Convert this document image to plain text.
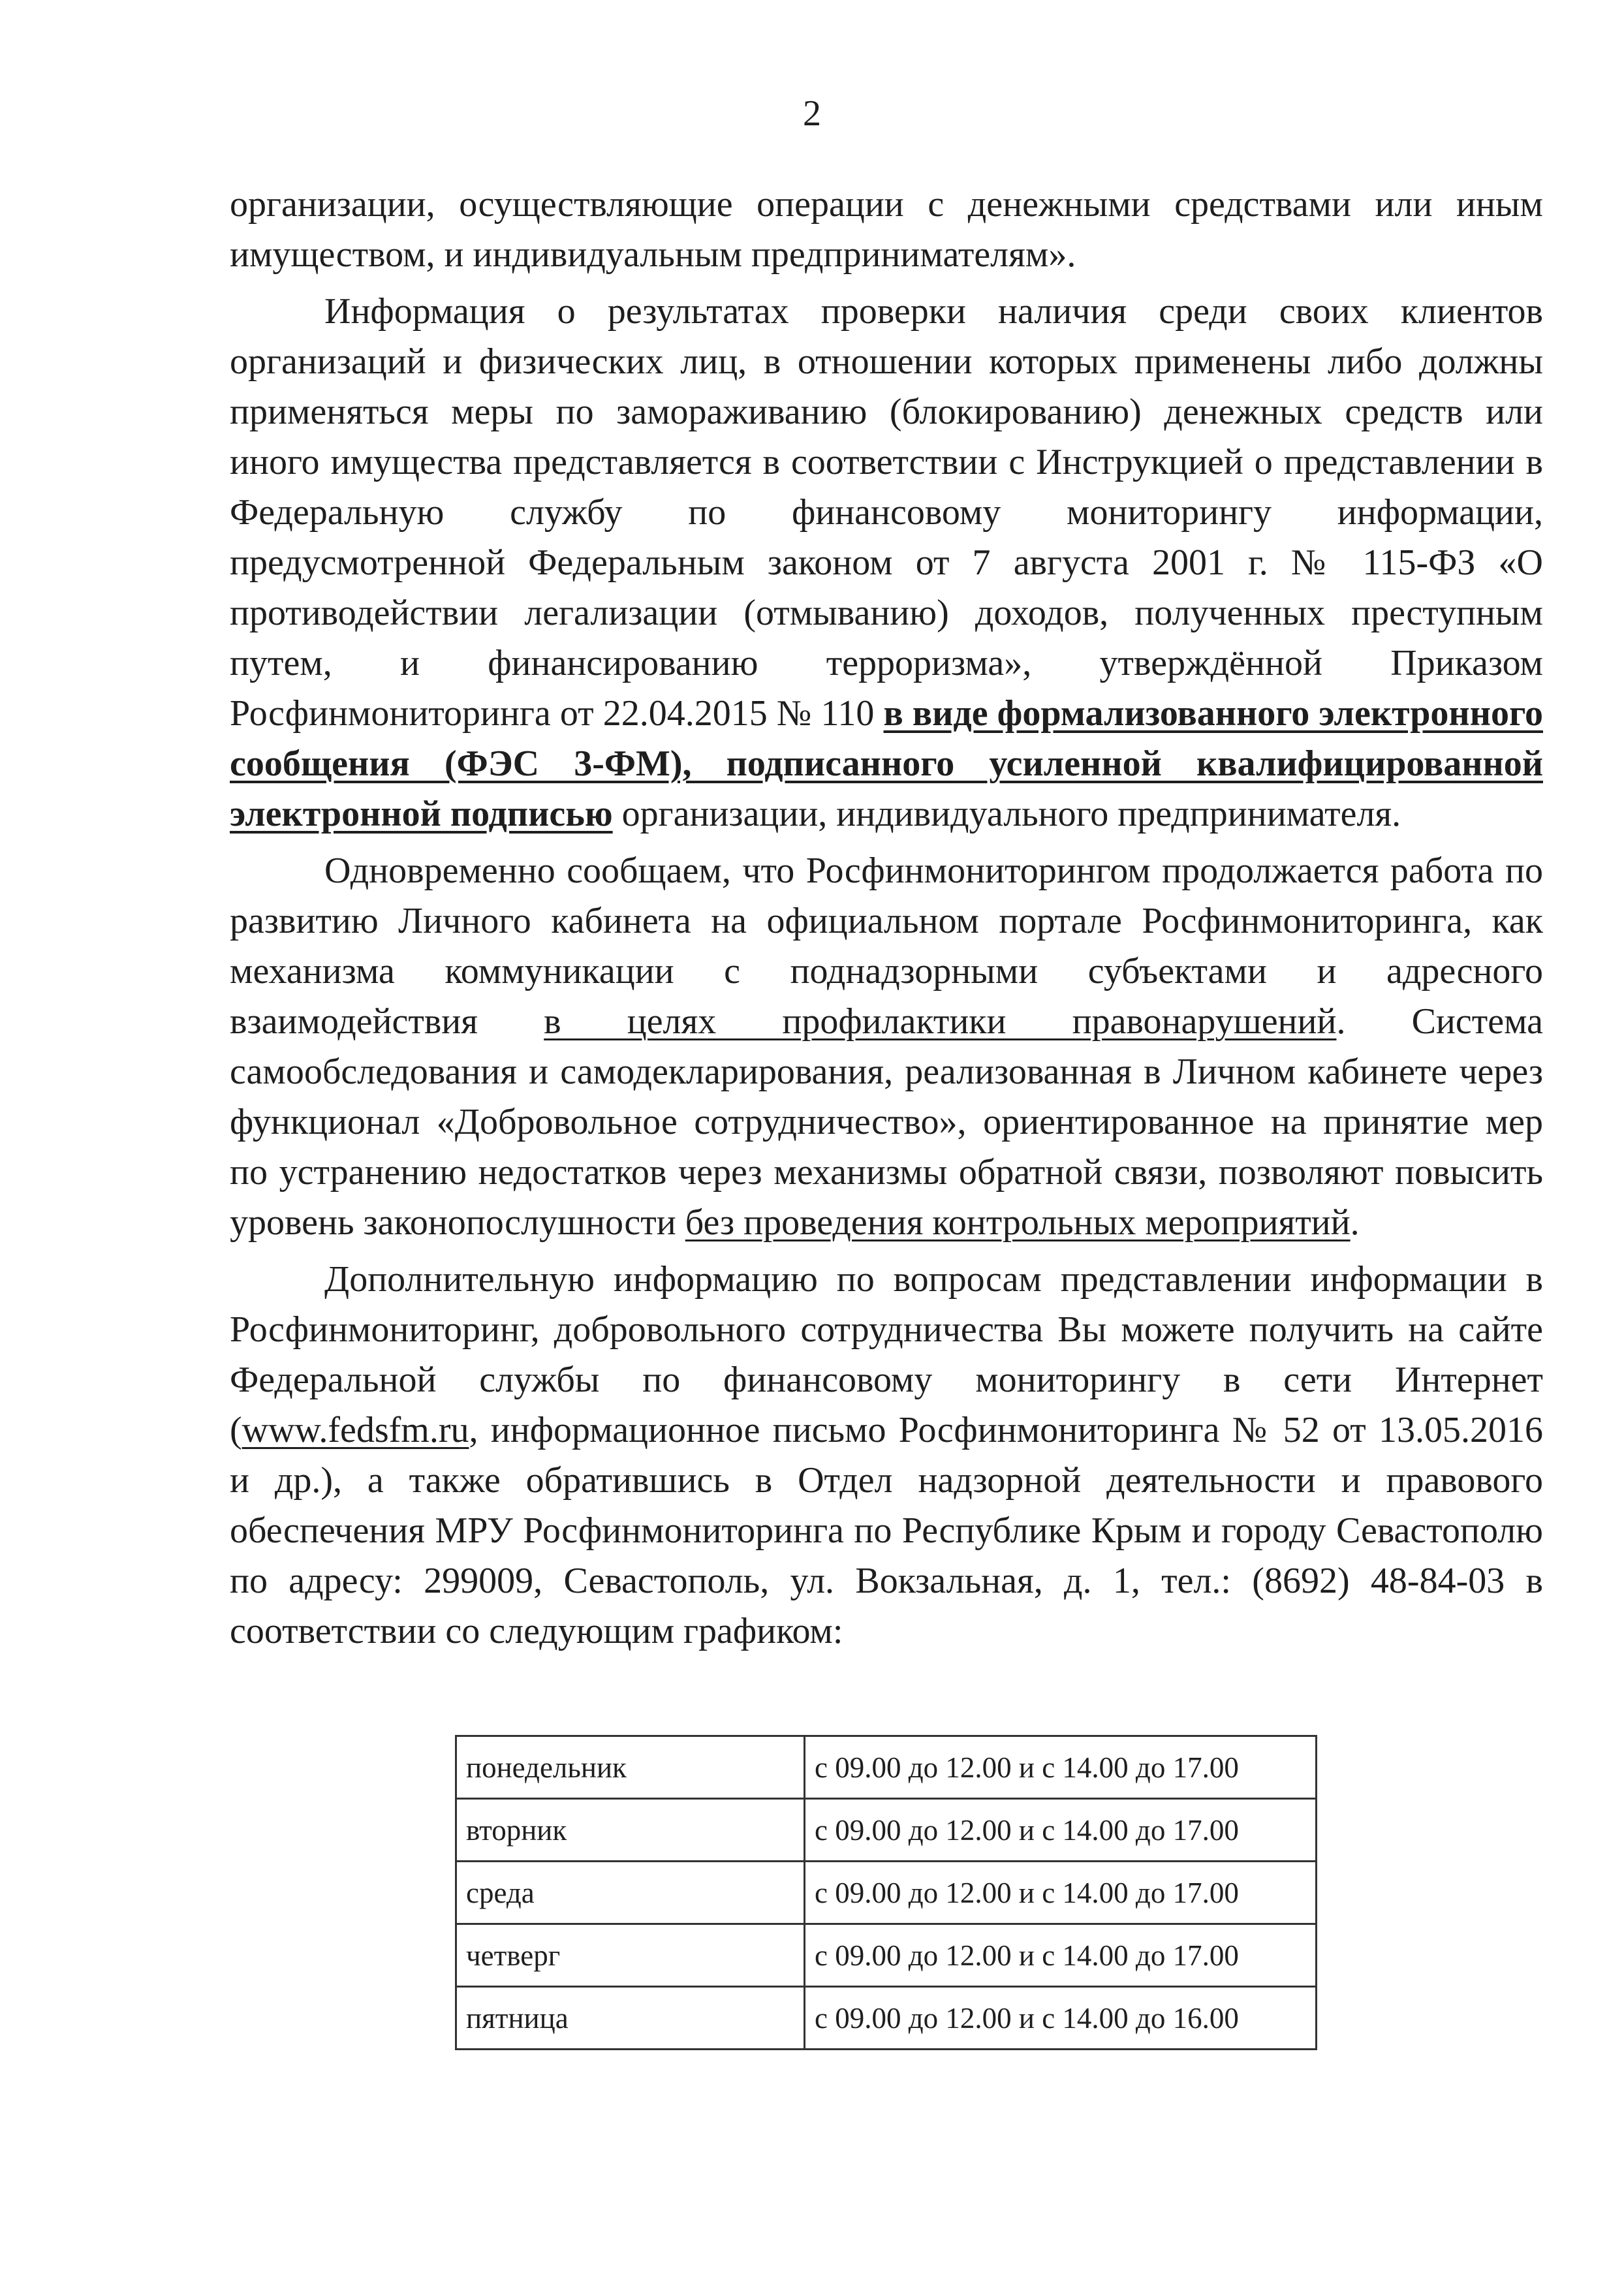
2

организации, осуществляющие операции с денежными средствами или иным имуществом, и индивидуальным предпринимателям».

Информация о результатах проверки наличия среди своих клиентов организаций и физических лиц, в отношении которых применены либо должны применяться меры по замораживанию (блокированию) денежных средств или иного имущества представляется в соответствии с Инструкцией о представлении в Федеральную службу по финансовому мониторингу информации, предусмотренной Федеральным законом от 7 августа 2001 г. № 115-ФЗ «О противодействии легализации (отмыванию) доходов, полученных преступным путем, и финансированию терроризма», утверждённой Приказом Росфинмониторинга от 22.04.2015 № 110 в виде формализованного электронного сообщения (ФЭС 3-ФМ), подписанного усиленной квалифицированной электронной подписью организации, индивидуального предпринимателя.

Одновременно сообщаем, что Росфинмониторингом продолжается работа по развитию Личного кабинета на официальном портале Росфинмониторинга, как механизма коммуникации с поднадзорными субъектами и адресного взаимодействия в целях профилактики правонарушений. Система самообследования и самодекларирования, реализованная в Личном кабинете через функционал «Добровольное сотрудничество», ориентированное на принятие мер по устранению недостатков через механизмы обратной связи, позволяют повысить уровень законопослушности без проведения контрольных мероприятий.

Дополнительную информацию по вопросам представлении информации в Росфинмониторинг, добровольного сотрудничества Вы можете получить на сайте Федеральной службы по финансовому мониторингу в сети Интернет (www.fedsfm.ru, информационное письмо Росфинмониторинга № 52 от 13.05.2016 и др.), а также обратившись в Отдел надзорной деятельности и правового обеспечения МРУ Росфинмониторинга по Республике Крым и городу Севастополю по адресу: 299009, Севастополь, ул. Вокзальная, д. 1, тел.: (8692) 48-84-03 в соответствии со следующим графиком:

понедельник	с 09.00 до 12.00 и с 14.00 до 17.00
вторник	с 09.00 до 12.00 и с 14.00 до 17.00
среда	с 09.00 до 12.00 и с 14.00 до 17.00
четверг	с 09.00 до 12.00 и с 14.00 до 17.00
пятница	с 09.00 до 12.00 и с 14.00 до 16.00
